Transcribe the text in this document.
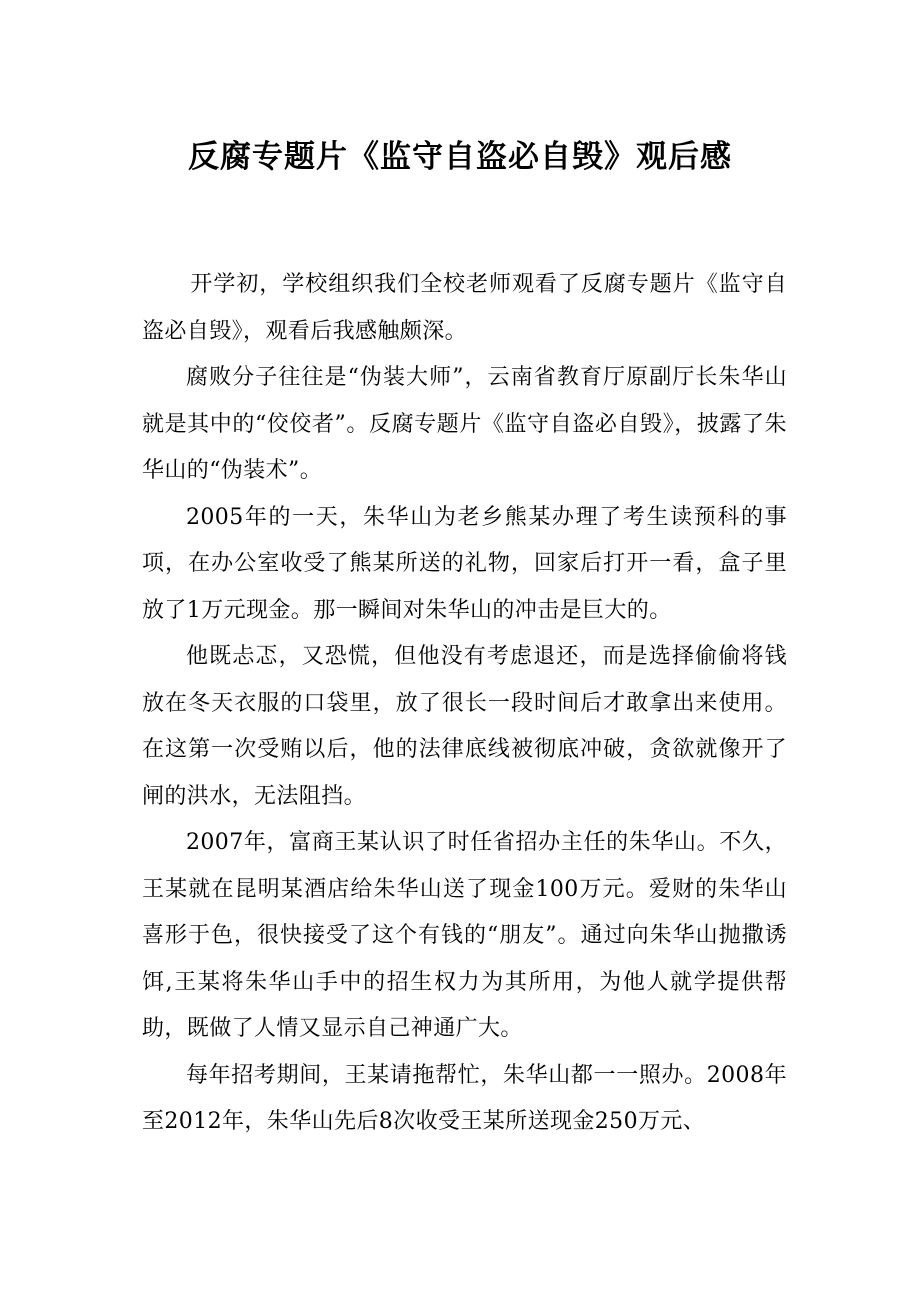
反腐专题片《监守自盗必自毁》观后感

开学初，学校组织我们全校老师观看了反腐专题片《监守自盗必自毁》，观看后我感触颇深。

腐败分子往往是“伪装大师”，云南省教育厅原副厅长朱华山就是其中的“佼佼者”。反腐专题片《监守自盗必自毁》，披露了朱华山的“伪装术”。

2005年的一天，朱华山为老乡熊某办理了考生读预科的事项，在办公室收受了熊某所送的礼物，回家后打开一看，盒子里放了1万元现金。那一瞬间对朱华山的冲击是巨大的。

他既忐忑，又恐慌，但他没有考虑退还，而是选择偷偷将钱放在冬天衣服的口袋里，放了很长一段时间后才敢拿出来使用。在这第一次受贿以后，他的法律底线被彻底冲破，贪欲就像开了闸的洪水，无法阻挡。

2007年，富商王某认识了时任省招办主任的朱华山。不久，王某就在昆明某酒店给朱华山送了现金100万元。爱财的朱华山喜形于色，很快接受了这个有钱的“朋友”。通过向朱华山抛撒诱饵,王某将朱华山手中的招生权力为其所用，为他人就学提供帮助，既做了人情又显示自己神通广大。

每年招考期间，王某请拖帮忙，朱华山都一一照办。2008年至2012年，朱华山先后8次收受王某所送现金250万元、
